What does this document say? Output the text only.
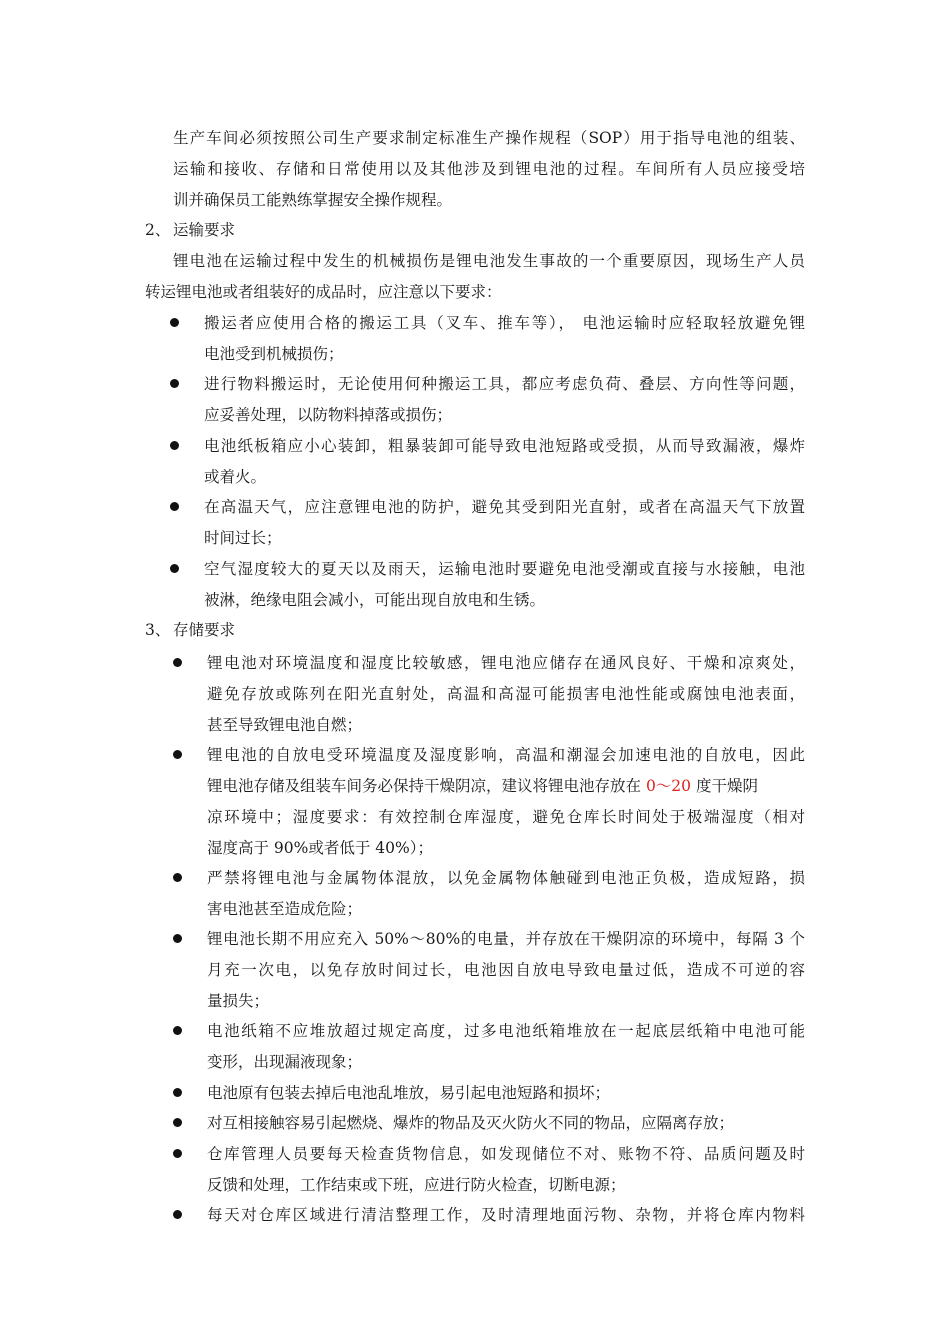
生产车间必须按照公司生产要求制定标准生产操作规程（SOP）用于指导电池的组装、
运输和接收、存储和日常使用以及其他涉及到锂电池的过程。车间所有人员应接受培
训并确保员工能熟练掌握安全操作规程。
2、 运输要求
锂电池在运输过程中发生的机械损伤是锂电池发生事故的一个重要原因，现场生产人员
转运锂电池或者组装好的成品时，应注意以下要求：
搬运者应使用合格的搬运工具（叉车、推车等）， 电池运输时应轻取轻放避免锂
电池受到机械损伤；
进行物料搬运时，无论使用何种搬运工具，都应考虑负荷、叠层、方向性等问题，
应妥善处理，以防物料掉落或损伤；
电池纸板箱应小心装卸，粗暴装卸可能导致电池短路或受损，从而导致漏液，爆炸
或着火。
在高温天气，应注意锂电池的防护，避免其受到阳光直射，或者在高温天气下放置
时间过长；
空气湿度较大的夏天以及雨天，运输电池时要避免电池受潮或直接与水接触，电池
被淋，绝缘电阻会减小，可能出现自放电和生锈。
3、 存储要求
锂电池对环境温度和湿度比较敏感，锂电池应储存在通风良好、干燥和凉爽处，
避免存放或陈列在阳光直射处，高温和高湿可能损害电池性能或腐蚀电池表面，
甚至导致锂电池自燃；
锂电池的自放电受环境温度及湿度影响，高温和潮湿会加速电池的自放电，因此
锂电池存储及组装车间务必保持干燥阴凉，建议将锂电池存放在 0～20 度干燥阴
凉环境中；湿度要求：有效控制仓库湿度，避免仓库长时间处于极端湿度（相对
湿度高于 90%或者低于 40%）；
严禁将锂电池与金属物体混放，以免金属物体触碰到电池正负极，造成短路，损
害电池甚至造成危险；
锂电池长期不用应充入 50%～80%的电量，并存放在干燥阴凉的环境中，每隔 3 个
月充一次电，以免存放时间过长，电池因自放电导致电量过低，造成不可逆的容
量损失；
电池纸箱不应堆放超过规定高度，过多电池纸箱堆放在一起底层纸箱中电池可能
变形，出现漏液现象；
电池原有包装去掉后电池乱堆放，易引起电池短路和损坏；
对互相接触容易引起燃烧、爆炸的物品及灭火防火不同的物品，应隔离存放；
仓库管理人员要每天检查货物信息，如发现储位不对、账物不符、品质问题及时
反馈和处理，工作结束或下班，应进行防火检查，切断电源；
每天对仓库区域进行清洁整理工作，及时清理地面污物、杂物，并将仓库内物料
